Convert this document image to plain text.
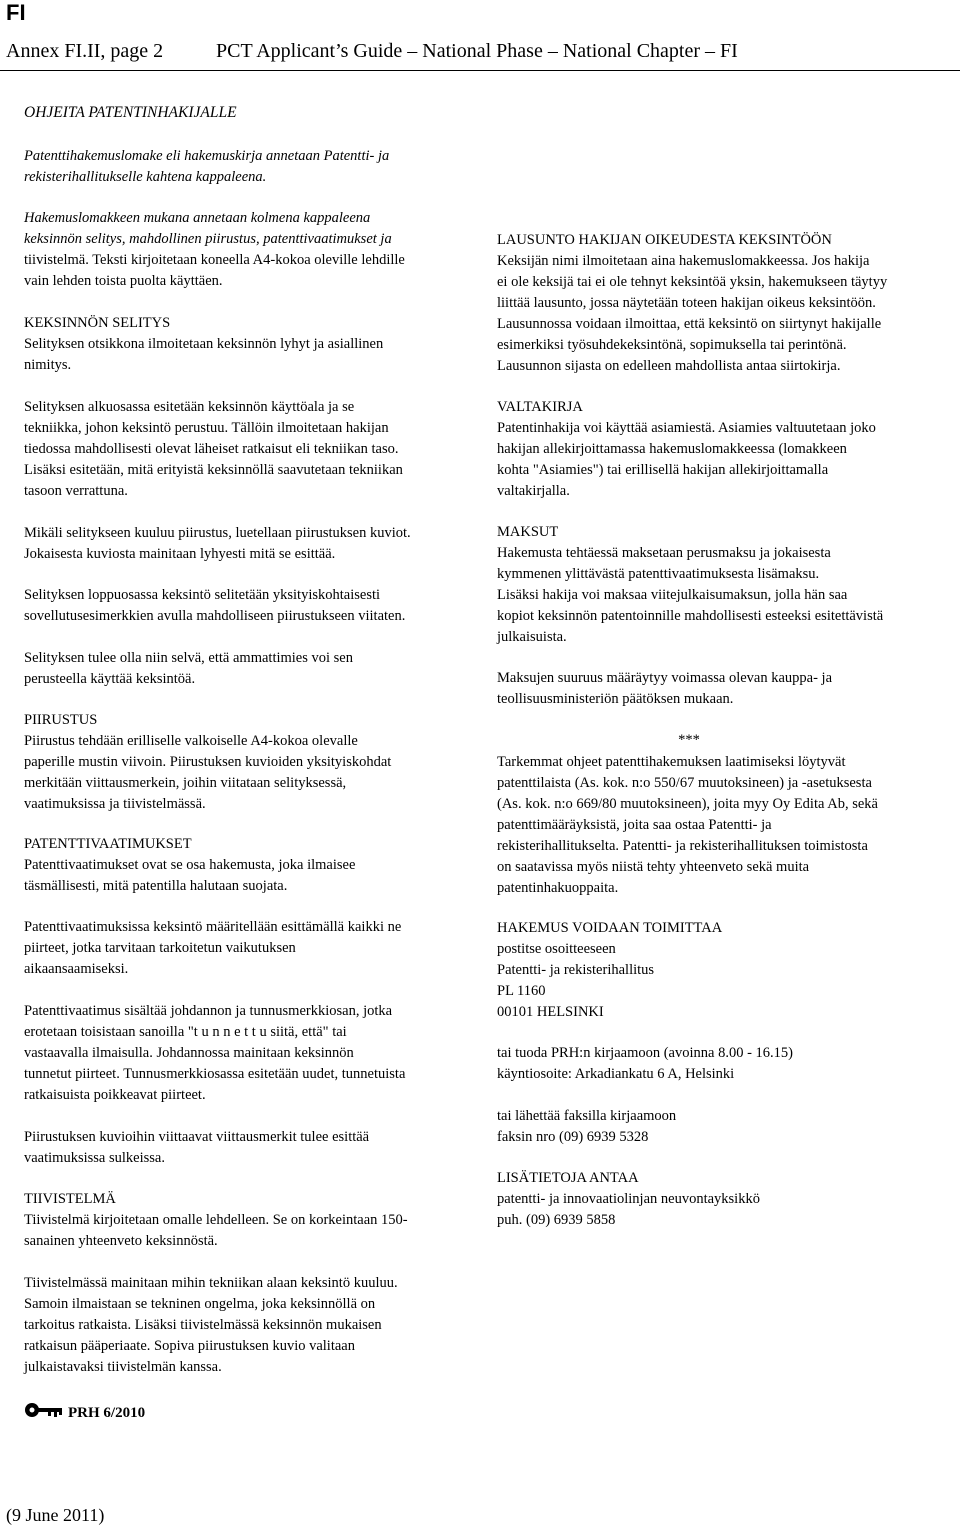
FI
Annex FI.II, page 2	PCT Applicant’s Guide – National Phase – National Chapter – FI
OHJEITA PATENTINHAKIJALLE
Patenttihakemuslomake eli hakemuskirja annetaan Patentti- ja
rekisterihallitukselle kahtena kappaleena.
Hakemuslomakkeen mukana annetaan kolmena kappaleena
keksinnön selitys, mahdollinen piirustus, patenttivaatimukset ja
tiivistelmä. Teksti kirjoitetaan koneella A4-kokoa oleville lehdille
vain lehden toista puolta käyttäen.
KEKSINNÖN SELITYS
Selityksen otsikkona ilmoitetaan keksinnön lyhyt ja asiallinen
nimitys.
Selityksen alkuosassa esitetään keksinnön käyttöala ja se
tekniikka, johon keksintö perustuu. Tällöin ilmoitetaan hakijan
tiedossa mahdollisesti olevat läheiset ratkaisut eli tekniikan taso.
Lisäksi esitetään, mitä erityistä keksinnöllä saavutetaan tekniikan
tasoon verrattuna.
Mikäli selitykseen kuuluu piirustus, luetellaan piirustuksen kuviot.
Jokaisesta kuviosta mainitaan lyhyesti mitä se esittää.
Selityksen loppuosassa keksintö selitetään yksityiskohtaisesti
sovellutusesimerkkien avulla mahdolliseen piirustukseen viitaten.
Selityksen tulee olla niin selvä, että ammattimies voi sen
perusteella käyttää keksintöä.
PIIRUSTUS
Piirustus tehdään erilliselle valkoiselle A4-kokoa olevalle
paperille mustin viivoin. Piirustuksen kuvioiden yksityiskohdat
merkitään viittausmerkein, joihin viitataan selityksessä,
vaatimuksissa ja tiivistelmässä.
PATENTTIVAATIMUKSET
Patenttivaatimukset ovat se osa hakemusta, joka ilmaisee
täsmällisesti, mitä patentilla halutaan suojata.
Patenttivaatimuksissa keksintö määritellään esittämällä kaikki ne
piirteet, jotka tarvitaan tarkoitetun vaikutuksen
aikaansaamiseksi.
Patenttivaatimus sisältää johdannon ja tunnusmerkkiosan, jotka
erotetaan toisistaan sanoilla "t u n n e t t u siitä, että" tai
vastaavalla ilmaisulla. Johdannossa mainitaan keksinnön
tunnetut piirteet. Tunnusmerkkiosassa esitetään uudet, tunnetuista
ratkaisuista poikkeavat piirteet.
Piirustuksen kuvioihin viittaavat viittausmerkit tulee esittää
vaatimuksissa sulkeissa.
TIIVISTELMÄ
Tiivistelmä kirjoitetaan omalle lehdelleen. Se on korkeintaan 150-
sanainen yhteenveto keksinnöstä.
Tiivistelmässä mainitaan mihin tekniikan alaan keksintö kuuluu.
Samoin ilmaistaan se tekninen ongelma, joka keksinnöllä on
tarkoitus ratkaista. Lisäksi tiivistelmässä keksinnön mukaisen
ratkaisun pääperiaate. Sopiva piirustuksen kuvio valitaan
julkaistavaksi tiivistelmän kanssa.
LAUSUNTO HAKIJAN OIKEUDESTA KEKSINTÖÖN
Keksijän nimi ilmoitetaan aina hakemuslomakkeessa. Jos hakija
ei ole keksijä tai ei ole tehnyt keksintöä yksin, hakemukseen täytyy
liittää lausunto, jossa näytetään toteen hakijan oikeus keksintöön.
Lausunnossa voidaan ilmoittaa, että keksintö on siirtynyt hakijalle
esimerkiksi työsuhdekeksintönä, sopimuksella tai perintönä.
Lausunnon sijasta on edelleen mahdollista antaa siirtokirja.
VALTAKIRJA
Patentinhakija voi käyttää asiamiestä. Asiamies valtuutetaan joko
hakijan allekirjoittamassa hakemuslomakkeessa (lomakkeen
kohta "Asiamies") tai erillisellä hakijan allekirjoittamalla
valtakirjalla.
MAKSUT
Hakemusta tehtäessä maksetaan perusmaksu ja jokaisesta
kymmenen ylittävästä patenttivaatimuksesta lisämaksu.
Lisäksi hakija voi maksaa viitejulkaisumaksun, jolla hän saa
kopiot keksinnön patentoinnille mahdollisesti esteeksi esitettävistä
julkaisuista.
Maksujen suuruus määräytyy voimassa olevan kauppa- ja
teollisuusministeriön päätöksen mukaan.
***
Tarkemmat ohjeet patenttihakemuksen laatimiseksi löytyvät
patenttilaista (As. kok. n:o 550/67 muutoksineen) ja -asetuksesta
(As. kok. n:o 669/80 muutoksineen), joita myy Oy Edita Ab, sekä
patenttimääräyksistä, joita saa ostaa Patentti- ja
rekisterihallitukselta. Patentti- ja rekisterihallituksen toimistosta
on saatavissa myös niistä tehty yhteenveto sekä muita
patentinhakuoppaita.
HAKEMUS VOIDAAN TOIMITTAA
postitse osoitteeseen
Patentti- ja rekisterihallitus
PL 1160
00101 HELSINKI
tai tuoda PRH:n kirjaamoon (avoinna 8.00 - 16.15)
käyntiosoite: Arkadiankatu 6 A, Helsinki
tai lähettää faksilla kirjaamoon
faksin nro (09) 6939 5328
LISÄTIETOJA ANTAA
patentti- ja innovaatiolinjan neuvontayksikkö
puh. (09) 6939 5858
PRH 6/2010
(9 June 2011)
